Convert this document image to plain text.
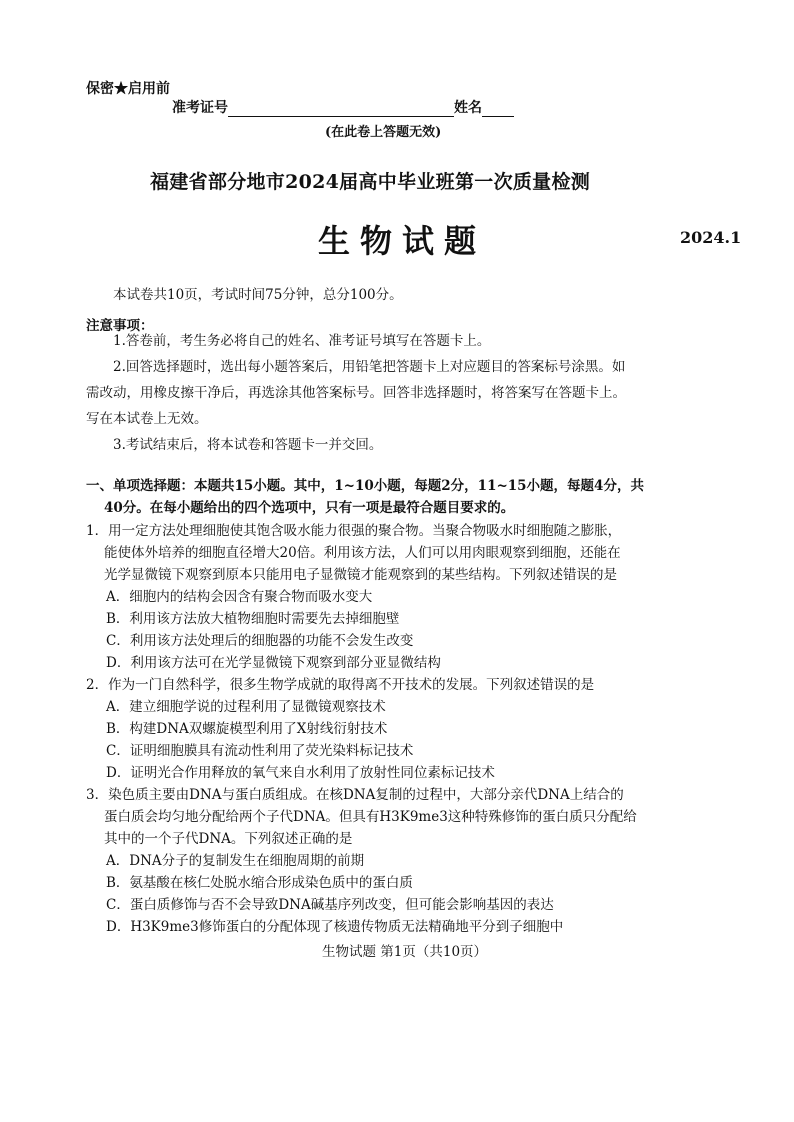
保密★启用前
准考证号	姓名
(在此卷上答题无效)
福建省部分地市2024届高中毕业班第一次质量检测
生物试题	2024.1
本试卷共10页，考试时间75分钟，总分100分。
注意事项：
1.答卷前，考生务必将自己的姓名、准考证号填写在答题卡上。
2.回答选择题时，选出每小题答案后，用铅笔把答题卡上对应题目的答案标号涂黑。如
需改动，用橡皮擦干净后，再选涂其他答案标号。回答非选择题时，将答案写在答题卡上。
写在本试卷上无效。
3.考试结束后，将本试卷和答题卡一并交回。
一、单项选择题：本题共15小题。其中，1~10小题，每题2分，11~15小题，每题4分，共
40分。在每小题给出的四个选项中，只有一项是最符合题目要求的。
1．用一定方法处理细胞使其饱含吸水能力很强的聚合物。当聚合物吸水时细胞随之膨胀，
能使体外培养的细胞直径增大20倍。利用该方法，人们可以用肉眼观察到细胞，还能在
光学显微镜下观察到原本只能用电子显微镜才能观察到的某些结构。下列叙述错误的是
A．细胞内的结构会因含有聚合物而吸水变大
B．利用该方法放大植物细胞时需要先去掉细胞壁
C．利用该方法处理后的细胞器的功能不会发生改变
D．利用该方法可在光学显微镜下观察到部分亚显微结构
2．作为一门自然科学，很多生物学成就的取得离不开技术的发展。下列叙述错误的是
A．建立细胞学说的过程利用了显微镜观察技术
B．构建DNA双螺旋模型利用了X射线衍射技术
C．证明细胞膜具有流动性利用了荧光染料标记技术
D．证明光合作用释放的氧气来自水利用了放射性同位素标记技术
3．染色质主要由DNA与蛋白质组成。在核DNA复制的过程中，大部分亲代DNA上结合的
蛋白质会均匀地分配给两个子代DNA。但具有H3K9me3这种特殊修饰的蛋白质只分配给
其中的一个子代DNA。下列叙述正确的是
A．DNA分子的复制发生在细胞周期的前期
B．氨基酸在核仁处脱水缩合形成染色质中的蛋白质
C．蛋白质修饰与否不会导致DNA碱基序列改变，但可能会影响基因的表达
D．H3K9me3修饰蛋白的分配体现了核遗传物质无法精确地平分到子细胞中
生物试题 第1页（共10页）
